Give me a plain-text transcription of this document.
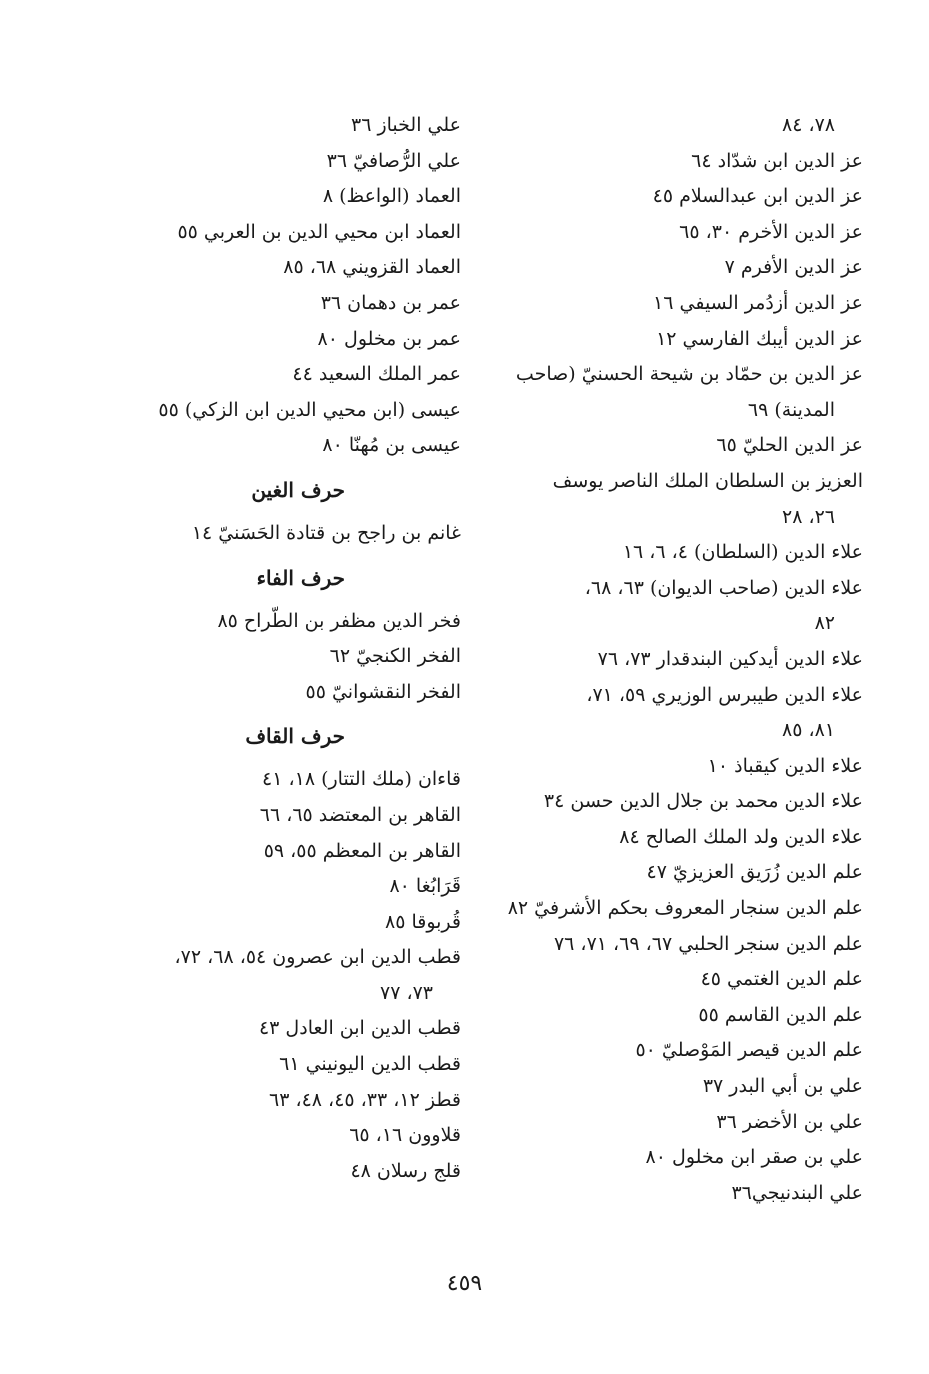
٧٨، ٨٤
عز الدين ابن شدّاد ٦٤
عز الدين ابن عبدالسلام ٤٥
عز الدين الأخرم ٣٠، ٦٥
عز الدين الأفرم ٧
عز الدين أزدُمر السيفي ١٦
عز الدين أيبك الفارسي ١٢
عز الدين بن حمّاد بن شيحة الحسنيّ (صاحب
المدينة) ٦٩
عز الدين الحليّ ٦٥
العزيز بن السلطان الملك الناصر يوسف
٢٦، ٢٨
علاء الدين (السلطان) ٤، ٦، ١٦
علاء الدين (صاحب الديوان) ٦٣، ٦٨،
٨٢
علاء الدين أيدكين البندقدار ٧٣، ٧٦
علاء الدين طيبرس الوزيري ٥٩، ٧١،
٨١، ٨٥
علاء الدين كيقباذ ١٠
علاء الدين محمد بن جلال الدين حسن ٣٤
علاء الدين ولد الملك الصالح ٨٤
علم الدين زُرَيق العزيزيّ ٤٧
علم الدين سنجار المعروف بحكم الأشرفيّ ٨٢
علم الدين سنجر الحلبي ٦٧، ٦٩، ٧١، ٧٦
علم الدين الغتمي ٤٥
علم الدين القاسم ٥٥
علم الدين قيصر المَوْصليّ ٥٠
علي بن أبي البدر ٣٧
علي بن الأخضر ٣٦
علي بن صقر ابن مخلول ٨٠
علي البندنيجي٣٦
علي الخباز ٣٦
علي الرُّصافيّ ٣٦
العماد (الواعظ) ٨
العماد ابن محيي الدين بن العربي ٥٥
العماد القزويني ٦٨، ٨٥
عمر بن دهمان ٣٦
عمر بن مخلول ٨٠
عمر الملك السعيد ٤٤
عيسى (ابن محيي الدين ابن الزكي) ٥٥
عيسى بن مُهنّا ٨٠
حرف الغين
غانم بن راجح بن قتادة الحَسَنيّ ١٤
حرف الفاء
فخر الدين مظفر بن الطّراح ٨٥
الفخر الكنجيّ ٦٢
الفخر النقشوانيّ ٥٥
حرف القاف
قاءان (ملك التتار) ١٨، ٤١
القاهر بن المعتضد ٦٥، ٦٦
القاهر بن المعظم ٥٥، ٥٩
قَرَابُغا ٨٠
قُربوقا ٨٥
قطب الدين ابن عصرون ٥٤، ٦٨، ٧٢،
٧٣، ٧٧
قطب الدين ابن العادل ٤٣
قطب الدين اليونيني ٦١
قطز ١٢، ٣٣، ٤٥، ٤٨، ٦٣
قلاوون ١٦، ٦٥
قلج رسلان ٤٨
٤٥٩
